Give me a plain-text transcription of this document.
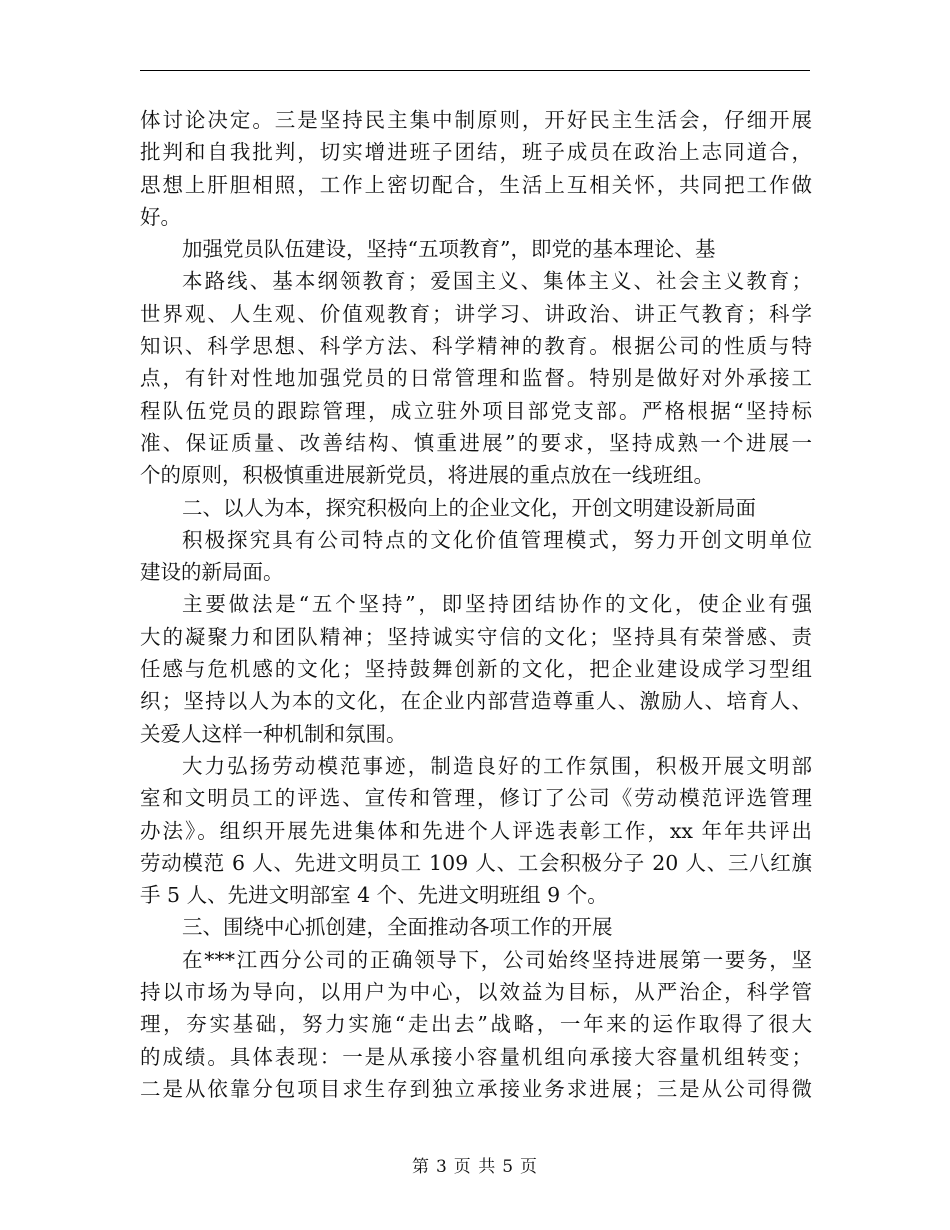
体讨论决定。三是坚持民主集中制原则，开好民主生活会，仔细开展
批判和自我批判，切实增进班子团结，班子成员在政治上志同道合，
思想上肝胆相照，工作上密切配合，生活上互相关怀，共同把工作做
好。
加强党员队伍建设，坚持“五项教育”，即党的基本理论、基
本路线、基本纲领教育；爱国主义、集体主义、社会主义教育；
世界观、人生观、价值观教育；讲学习、讲政治、讲正气教育；科学
知识、科学思想、科学方法、科学精神的教育。根据公司的性质与特
点，有针对性地加强党员的日常管理和监督。特别是做好对外承接工
程队伍党员的跟踪管理，成立驻外项目部党支部。严格根据“坚持标
准、保证质量、改善结构、慎重进展”的要求，坚持成熟一个进展一
个的原则，积极慎重进展新党员，将进展的重点放在一线班组。
二、以人为本，探究积极向上的企业文化，开创文明建设新局面
积极探究具有公司特点的文化价值管理模式，努力开创文明单位
建设的新局面。
主要做法是“五个坚持”，即坚持团结协作的文化，使企业有强
大的凝聚力和团队精神；坚持诚实守信的文化；坚持具有荣誉感、责
任感与危机感的文化；坚持鼓舞创新的文化，把企业建设成学习型组
织；坚持以人为本的文化，在企业内部营造尊重人、激励人、培育人、
关爱人这样一种机制和氛围。
大力弘扬劳动模范事迹，制造良好的工作氛围，积极开展文明部
室和文明员工的评选、宣传和管理，修订了公司《劳动模范评选管理
办法》。组织开展先进集体和先进个人评选表彰工作，xx 年年共评出
劳动模范 6 人、先进文明员工 109 人、工会积极分子 20 人、三八红旗
手 5 人、先进文明部室 4 个、先进文明班组 9 个。
三、围绕中心抓创建，全面推动各项工作的开展
在***江西分公司的正确领导下，公司始终坚持进展第一要务，坚
持以市场为导向，以用户为中心，以效益为目标，从严治企，科学管
理，夯实基础，努力实施“走出去”战略，一年来的运作取得了很大
的成绩。具体表现：一是从承接小容量机组向承接大容量机组转变；
二是从依靠分包项目求生存到独立承接业务求进展；三是从公司得微
第 3 页 共 5 页
